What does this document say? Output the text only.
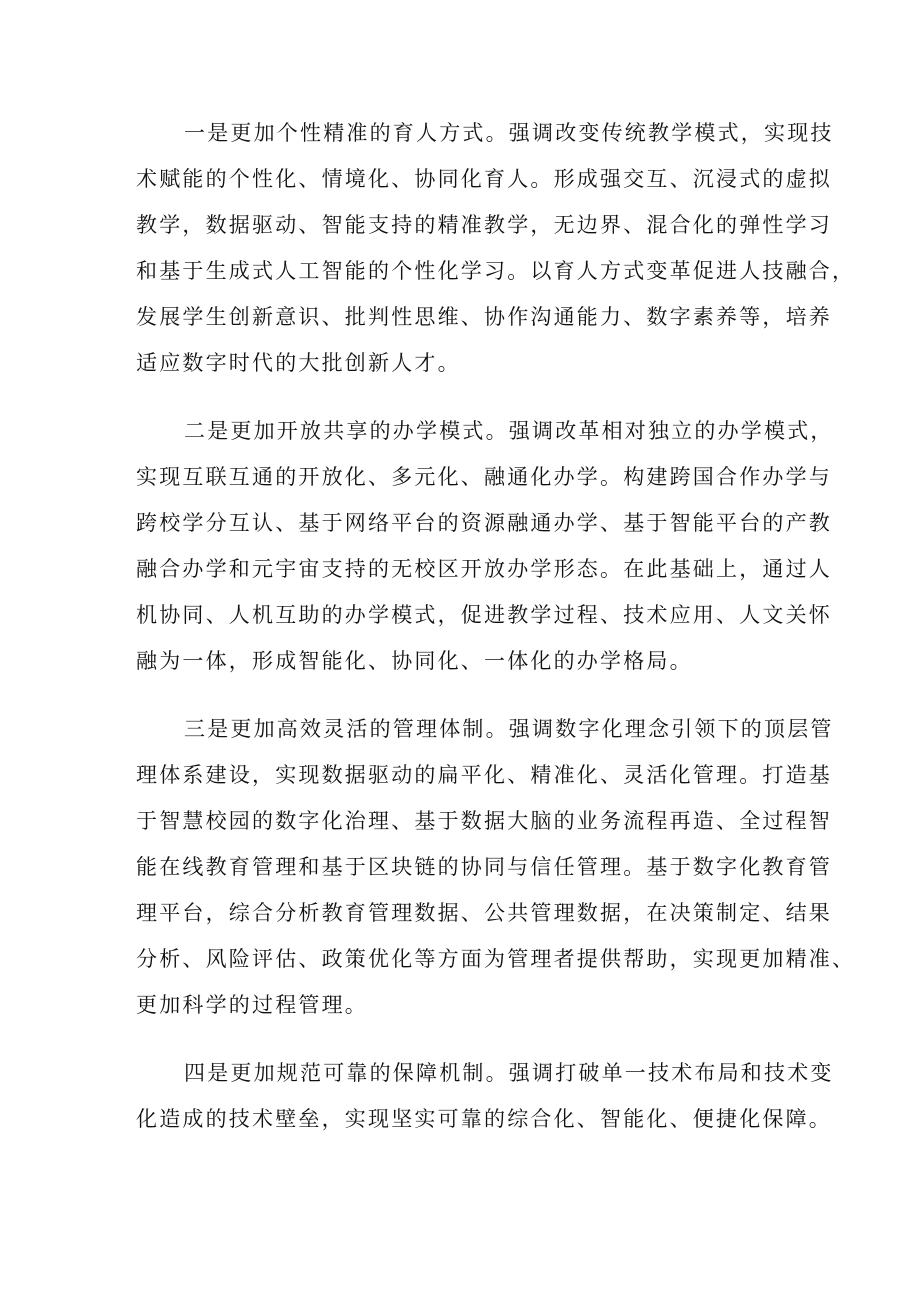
一是更加个性精准的育人方式。强调改变传统教学模式，实现技
术赋能的个性化、情境化、协同化育人。形成强交互、沉浸式的虚拟
教学，数据驱动、智能支持的精准教学，无边界、混合化的弹性学习
和基于生成式人工智能的个性化学习。以育人方式变革促进人技融合，
发展学生创新意识、批判性思维、协作沟通能力、数字素养等，培养
适应数字时代的大批创新人才。
二是更加开放共享的办学模式。强调改革相对独立的办学模式，
实现互联互通的开放化、多元化、融通化办学。构建跨国合作办学与
跨校学分互认、基于网络平台的资源融通办学、基于智能平台的产教
融合办学和元宇宙支持的无校区开放办学形态。在此基础上，通过人
机协同、人机互助的办学模式，促进教学过程、技术应用、人文关怀
融为一体，形成智能化、协同化、一体化的办学格局。
三是更加高效灵活的管理体制。强调数字化理念引领下的顶层管
理体系建设，实现数据驱动的扁平化、精准化、灵活化管理。打造基
于智慧校园的数字化治理、基于数据大脑的业务流程再造、全过程智
能在线教育管理和基于区块链的协同与信任管理。基于数字化教育管
理平台，综合分析教育管理数据、公共管理数据，在决策制定、结果
分析、风险评估、政策优化等方面为管理者提供帮助，实现更加精准、
更加科学的过程管理。
四是更加规范可靠的保障机制。强调打破单一技术布局和技术变
化造成的技术壁垒，实现坚实可靠的综合化、智能化、便捷化保障。
